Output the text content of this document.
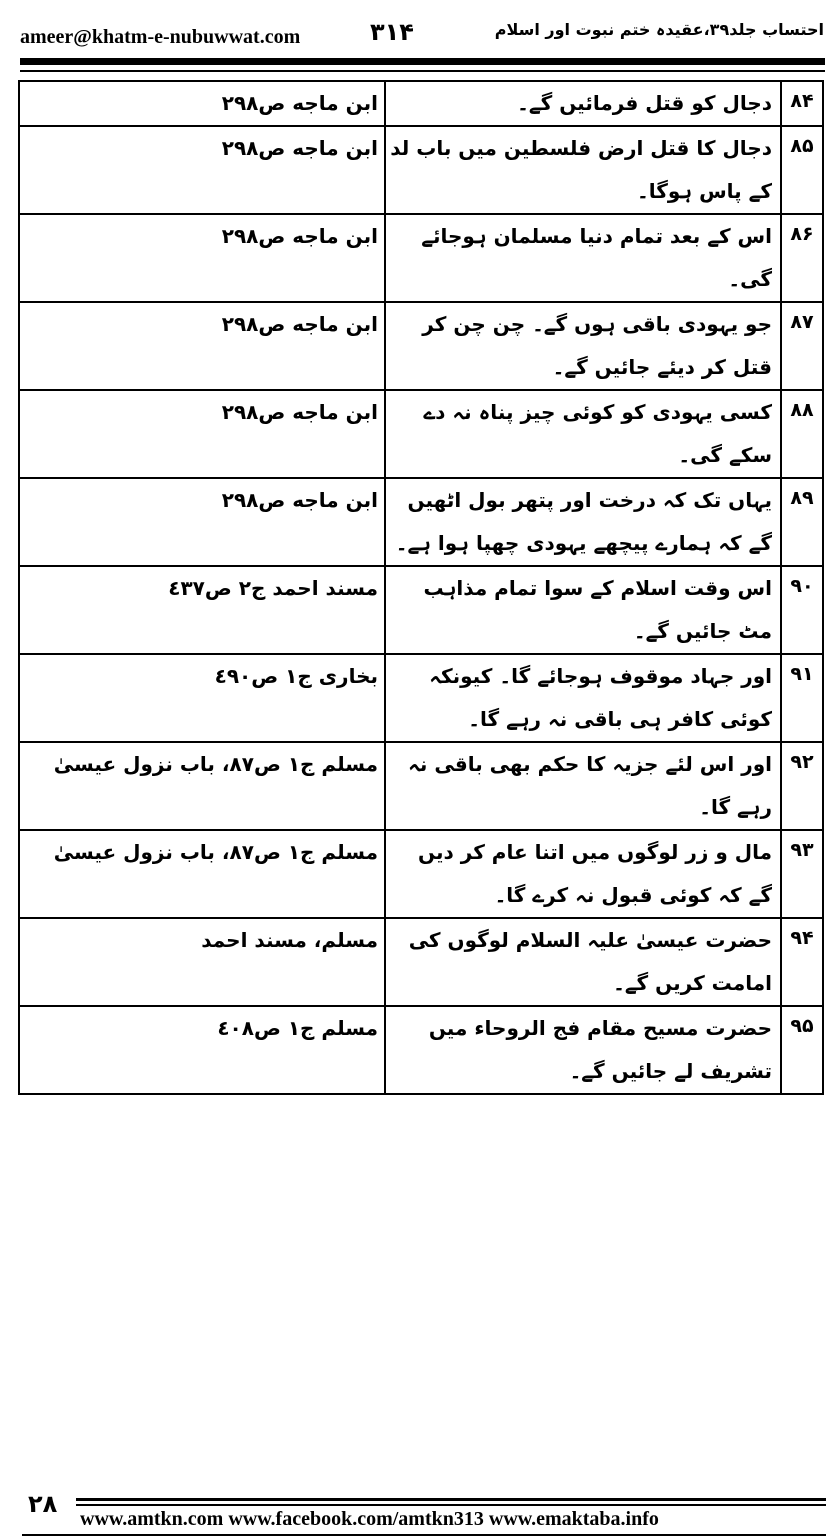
ameer@khatm-e-nubuwwat.com	۳۱۴	احتساب جلد۳۹،عقیدہ ختم نبوت اور اسلام
۸۴	دجال کو قتل فرمائیں گے۔	ابن ماجه ص۲۹۸
۸۵	دجال کا قتل ارض فلسطین میں باب لد کے پاس ہوگا۔	ابن ماجه ص۲۹۸
۸۶	اس کے بعد تمام دنیا مسلمان ہوجائے گی۔	ابن ماجه ص۲۹۸
۸۷	جو یہودی باقی ہوں گے۔ چن چن کر قتل کر دیئے جائیں گے۔	ابن ماجه ص۲۹۸
۸۸	کسی یہودی کو کوئی چیز پناہ نہ دے سکے گی۔	ابن ماجه ص۲۹۸
۸۹	یہاں تک کہ درخت اور پتھر بول اٹھیں گے کہ ہمارے پیچھے یہودی چھپا ہوا ہے۔	ابن ماجه ص۲۹۸
۹۰	اس وقت اسلام کے سوا تمام مذاہب مٹ جائیں گے۔	مسند احمد ج۲ ص٤٣٧
۹۱	اور جہاد موقوف ہوجائے گا۔ کیونکہ کوئی کافر ہی باقی نہ رہے گا۔	بخاری ج۱ ص٤٩٠
۹۲	اور اس لئے جزیہ کا حکم بھی باقی نہ رہے گا۔	مسلم ج۱ ص۸۷، باب نزول عیسیٰ
۹۳	مال و زر لوگوں میں اتنا عام کر دیں گے کہ کوئی قبول نہ کرے گا۔	مسلم ج۱ ص۸۷، باب نزول عیسیٰ
۹۴	حضرت عیسیٰ علیہ السلام لوگوں کی امامت کریں گے۔	مسلم، مسند احمد
۹۵	حضرت مسیح مقام فج الروحاء میں تشریف لے جائیں گے۔	مسلم ج۱ ص٤٠٨
۲۸
www.amtkn.com www.facebook.com/amtkn313 www.emaktaba.info
